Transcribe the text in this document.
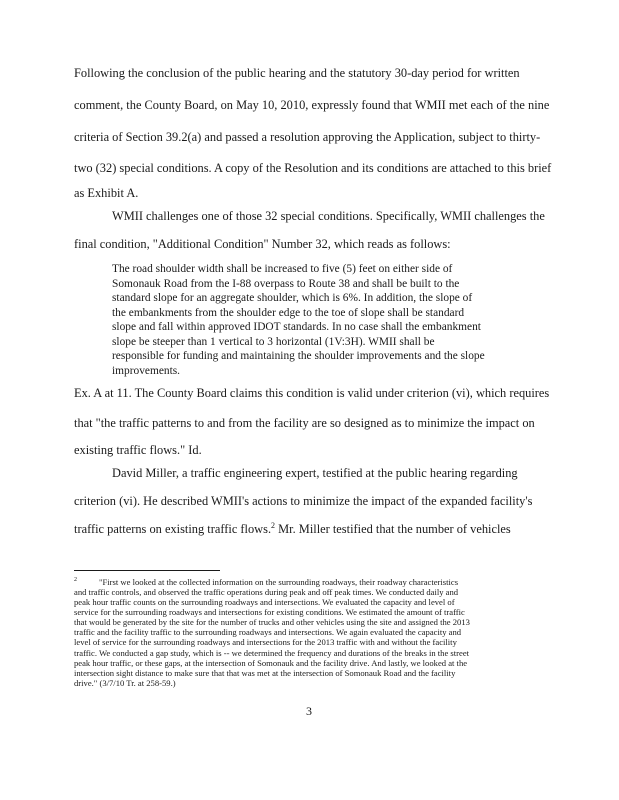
Following the conclusion of the public hearing and the statutory 30-day period for written
comment, the County Board, on May 10, 2010, expressly found that WMII met each of the nine
criteria of Section 39.2(a) and passed a resolution approving the Application, subject to thirty-
two (32) special conditions. A copy of the Resolution and its conditions are attached to this brief
as Exhibit A.
WMII challenges one of those 32 special conditions. Specifically, WMII challenges the
final condition, "Additional Condition" Number 32, which reads as follows:
The road shoulder width shall be increased to five (5) feet on either side of
Somonauk Road from the I-88 overpass to Route 38 and shall be built to the
standard slope for an aggregate shoulder, which is 6%. In addition, the slope of
the embankments from the shoulder edge to the toe of slope shall be standard
slope and fall within approved IDOT standards. In no case shall the embankment
slope be steeper than 1 vertical to 3 horizontal (1V:3H). WMII shall be
responsible for funding and maintaining the shoulder improvements and the slope
improvements.
Ex. A at 11. The County Board claims this condition is valid under criterion (vi), which requires
that "the traffic patterns to and from the facility are so designed as to minimize the impact on
existing traffic flows." Id.
David Miller, a traffic engineering expert, testified at the public hearing regarding
criterion (vi). He described WMII's actions to minimize the impact of the expanded facility's
traffic patterns on existing traffic flows.$^2$ Mr. Miller testified that the number of vehicles
$^2$	"First we looked at the collected information on the surrounding roadways, their roadway characteristics
and traffic controls, and observed the traffic operations during peak and off peak times. We conducted daily and
peak hour traffic counts on the surrounding roadways and intersections. We evaluated the capacity and level of
service for the surrounding roadways and intersections for existing conditions. We estimated the amount of traffic
that would be generated by the site for the number of trucks and other vehicles using the site and assigned the 2013
traffic and the facility traffic to the surrounding roadways and intersections. We again evaluated the capacity and
level of service for the surrounding roadways and intersections for the 2013 traffic with and without the facility
traffic. We conducted a gap study, which is -- we determined the frequency and durations of the breaks in the street
peak hour traffic, or these gaps, at the intersection of Somonauk and the facility drive. And lastly, we looked at the
intersection sight distance to make sure that that was met at the intersection of Somonauk Road and the facility
drive." (3/7/10 Tr. at 258-59.)
3
